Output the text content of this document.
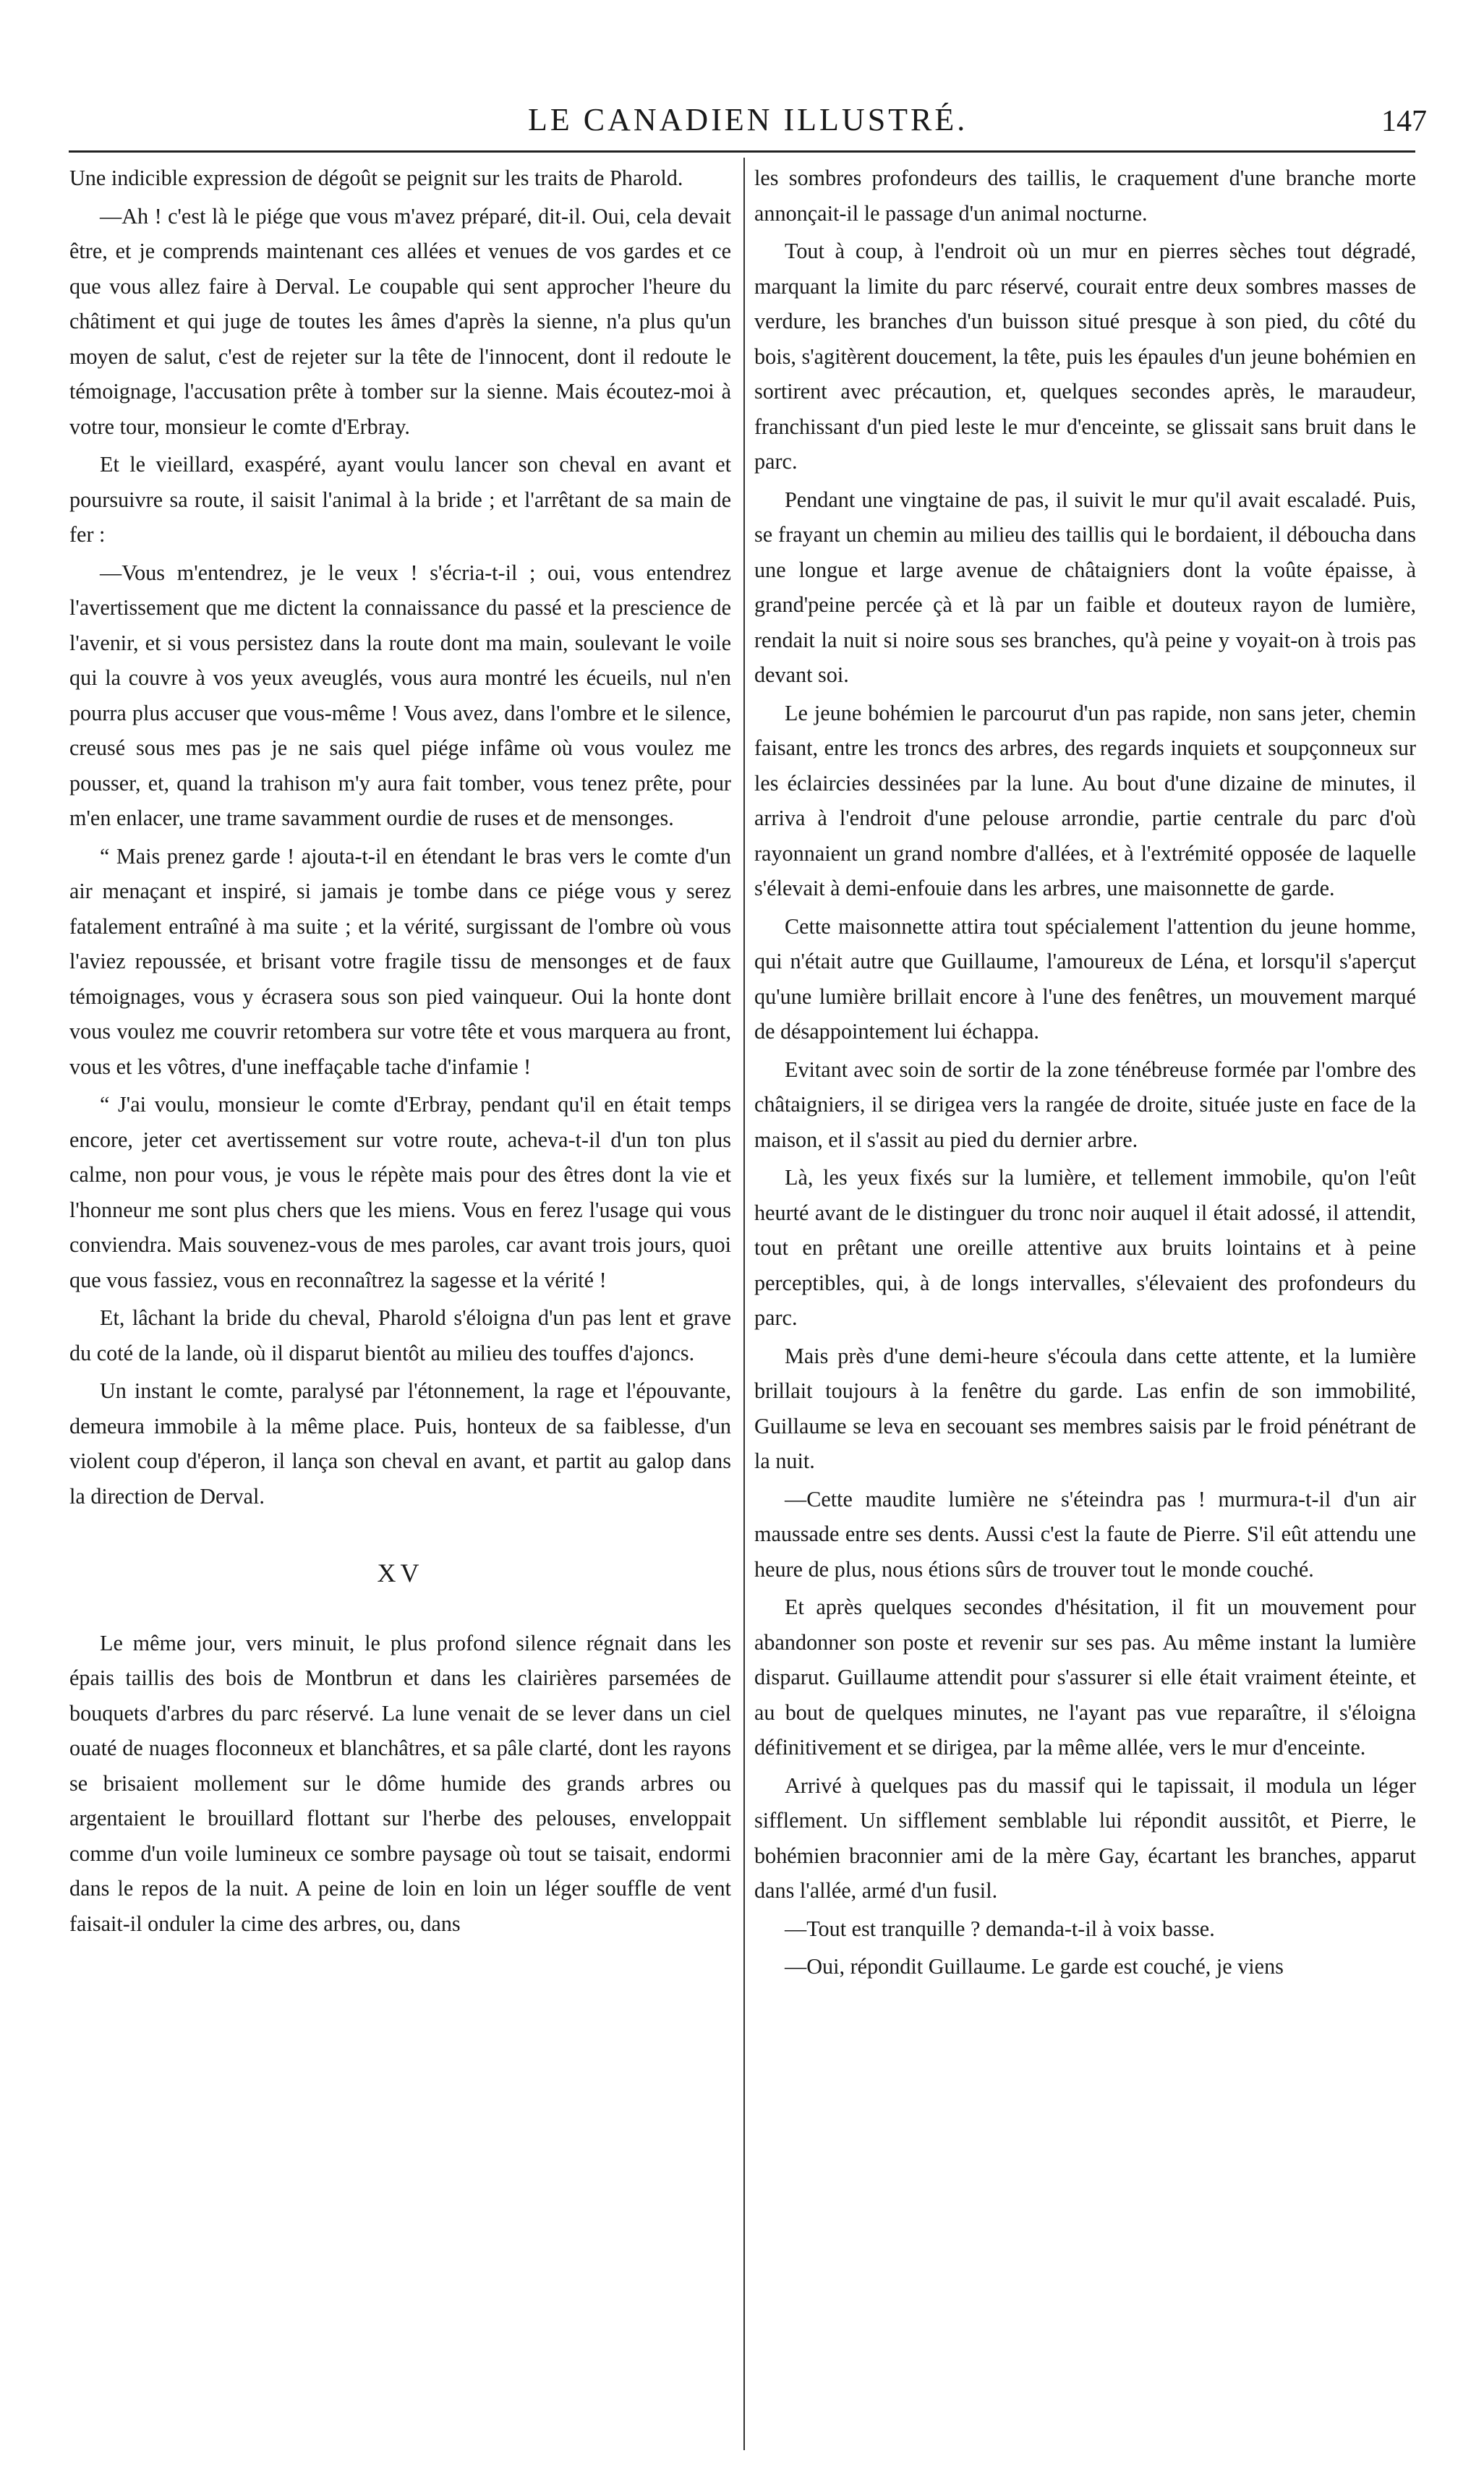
LE CANADIEN ILLUSTRÉ.	147

Une indicible expression de dégoût se peignit sur les traits de Pharold.

—Ah ! c'est là le piége que vous m'avez préparé, dit-il. Oui, cela devait être, et je comprends maintenant ces allées et venues de vos gardes et ce que vous allez faire à Derval. Le coupable qui sent approcher l'heure du châtiment et qui juge de toutes les âmes d'après la sienne, n'a plus qu'un moyen de salut, c'est de rejeter sur la tête de l'innocent, dont il redoute le témoignage, l'accusation prête à tomber sur la sienne. Mais écoutez-moi à votre tour, monsieur le comte d'Erbray.

Et le vieillard, exaspéré, ayant voulu lancer son cheval en avant et poursuivre sa route, il saisit l'animal à la bride ; et l'arrêtant de sa main de fer :

—Vous m'entendrez, je le veux ! s'écria-t-il ; oui, vous entendrez l'avertissement que me dictent la connaissance du passé et la prescience de l'avenir, et si vous persistez dans la route dont ma main, soulevant le voile qui la couvre à vos yeux aveuglés, vous aura montré les écueils, nul n'en pourra plus accuser que vous-même ! Vous avez, dans l'ombre et le silence, creusé sous mes pas je ne sais quel piége infâme où vous voulez me pousser, et, quand la trahison m'y aura fait tomber, vous tenez prête, pour m'en enlacer, une trame savamment ourdie de ruses et de mensonges.

“ Mais prenez garde ! ajouta-t-il en étendant le bras vers le comte d'un air menaçant et inspiré, si jamais je tombe dans ce piége vous y serez fatalement entraîné à ma suite ; et la vérité, surgissant de l'ombre où vous l'aviez repoussée, et brisant votre fragile tissu de mensonges et de faux témoignages, vous y écrasera sous son pied vainqueur. Oui la honte dont vous voulez me couvrir retombera sur votre tête et vous marquera au front, vous et les vôtres, d'une ineffaçable tache d'infamie !

“ J'ai voulu, monsieur le comte d'Erbray, pendant qu'il en était temps encore, jeter cet avertissement sur votre route, acheva-t-il d'un ton plus calme, non pour vous, je vous le répète mais pour des êtres dont la vie et l'honneur me sont plus chers que les miens. Vous en ferez l'usage qui vous conviendra. Mais souvenez-vous de mes paroles, car avant trois jours, quoi que vous fassiez, vous en reconnaîtrez la sagesse et la vérité !

Et, lâchant la bride du cheval, Pharold s'éloigna d'un pas lent et grave du coté de la lande, où il disparut bientôt au milieu des touffes d'ajoncs.

Un instant le comte, paralysé par l'étonnement, la rage et l'épouvante, demeura immobile à la même place. Puis, honteux de sa faiblesse, d'un violent coup d'éperon, il lança son cheval en avant, et partit au galop dans la direction de Derval.

XV

Le même jour, vers minuit, le plus profond silence régnait dans les épais taillis des bois de Montbrun et dans les clairières parsemées de bouquets d'arbres du parc réservé. La lune venait de se lever dans un ciel ouaté de nuages floconneux et blanchâtres, et sa pâle clarté, dont les rayons se brisaient mollement sur le dôme humide des grands arbres ou argentaient le brouillard flottant sur l'herbe des pelouses, enveloppait comme d'un voile lumineux ce sombre paysage où tout se taisait, endormi dans le repos de la nuit. A peine de loin en loin un léger souffle de vent faisait-il onduler la cime des arbres, ou, dans

les sombres profondeurs des taillis, le craquement d'une branche morte annonçait-il le passage d'un animal nocturne.

Tout à coup, à l'endroit où un mur en pierres sèches tout dégradé, marquant la limite du parc réservé, courait entre deux sombres masses de verdure, les branches d'un buisson situé presque à son pied, du côté du bois, s'agitèrent doucement, la tête, puis les épaules d'un jeune bohémien en sortirent avec précaution, et, quelques secondes après, le maraudeur, franchissant d'un pied leste le mur d'enceinte, se glissait sans bruit dans le parc.

Pendant une vingtaine de pas, il suivit le mur qu'il avait escaladé. Puis, se frayant un chemin au milieu des taillis qui le bordaient, il déboucha dans une longue et large avenue de châtaigniers dont la voûte épaisse, à grand'peine percée çà et là par un faible et douteux rayon de lumière, rendait la nuit si noire sous ses branches, qu'à peine y voyait-on à trois pas devant soi.

Le jeune bohémien le parcourut d'un pas rapide, non sans jeter, chemin faisant, entre les troncs des arbres, des regards inquiets et soupçonneux sur les éclaircies dessinées par la lune. Au bout d'une dizaine de minutes, il arriva à l'endroit d'une pelouse arrondie, partie centrale du parc d'où rayonnaient un grand nombre d'allées, et à l'extrémité opposée de laquelle s'élevait à demi-enfouie dans les arbres, une maisonnette de garde.

Cette maisonnette attira tout spécialement l'attention du jeune homme, qui n'était autre que Guillaume, l'amoureux de Léna, et lorsqu'il s'aperçut qu'une lumière brillait encore à l'une des fenêtres, un mouvement marqué de désappointement lui échappa.

Evitant avec soin de sortir de la zone ténébreuse formée par l'ombre des châtaigniers, il se dirigea vers la rangée de droite, située juste en face de la maison, et il s'assit au pied du dernier arbre.

Là, les yeux fixés sur la lumière, et tellement immobile, qu'on l'eût heurté avant de le distinguer du tronc noir auquel il était adossé, il attendit, tout en prêtant une oreille attentive aux bruits lointains et à peine perceptibles, qui, à de longs intervalles, s'élevaient des profondeurs du parc.

Mais près d'une demi-heure s'écoula dans cette attente, et la lumière brillait toujours à la fenêtre du garde. Las enfin de son immobilité, Guillaume se leva en secouant ses membres saisis par le froid pénétrant de la nuit.

—Cette maudite lumière ne s'éteindra pas ! murmura-t-il d'un air maussade entre ses dents. Aussi c'est la faute de Pierre. S'il eût attendu une heure de plus, nous étions sûrs de trouver tout le monde couché.

Et après quelques secondes d'hésitation, il fit un mouvement pour abandonner son poste et revenir sur ses pas. Au même instant la lumière disparut. Guillaume attendit pour s'assurer si elle était vraiment éteinte, et au bout de quelques minutes, ne l'ayant pas vue reparaître, il s'éloigna définitivement et se dirigea, par la même allée, vers le mur d'enceinte.

Arrivé à quelques pas du massif qui le tapissait, il modula un léger sifflement. Un sifflement semblable lui répondit aussitôt, et Pierre, le bohémien braconnier ami de la mère Gay, écartant les branches, apparut dans l'allée, armé d'un fusil.

—Tout est tranquille ? demanda-t-il à voix basse.

—Oui, répondit Guillaume. Le garde est couché, je viens
